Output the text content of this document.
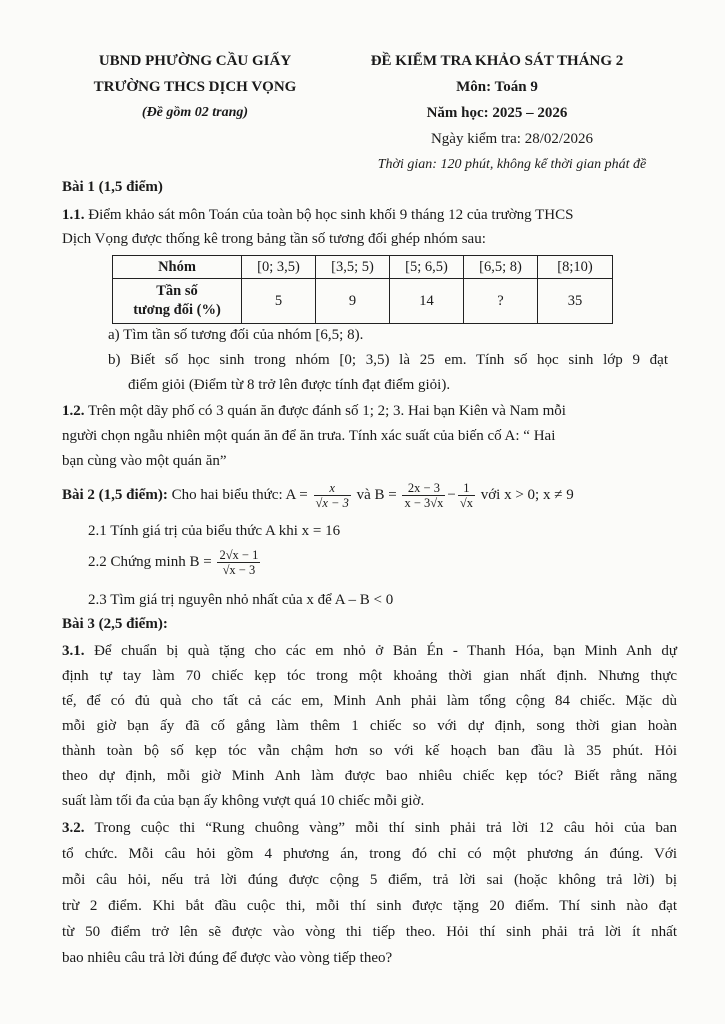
UBND PHƯỜNG CẦU GIẤY
TRƯỜNG THCS DỊCH VỌNG
(Đề gồm 02 trang)
ĐỀ KIỂM TRA KHẢO SÁT THÁNG 2
Môn: Toán 9
Năm học: 2025 – 2026
Ngày kiểm tra: 28/02/2026
Thời gian: 120 phút, không kể thời gian phát đề
Bài 1 (1,5 điểm)
1.1. Điểm khảo sát môn Toán của toàn bộ học sinh khối 9 tháng 12 của trường THCS
Dịch Vọng được thống kê trong bảng tần số tương đối ghép nhóm sau:
Nhóm	[0; 3,5)	[3,5; 5)	[5; 6,5)	[6,5; 8)	[8;10)

Tần số
tương đối (%)	5	9	14	?	35
a) Tìm tần số tương đối của nhóm [6,5; 8).
b) Biết số học sinh trong nhóm [0; 3,5) là 25 em. Tính số học sinh lớp 9 đạt
điểm giỏi (Điểm từ 8 trở lên được tính đạt điểm giỏi).
1.2. Trên một dãy phố có 3 quán ăn được đánh số 1; 2; 3. Hai bạn Kiên và Nam mỗi
người chọn ngẫu nhiên một quán ăn để ăn trưa. Tính xác suất của biến cố A: “ Hai
bạn cùng vào một quán ăn”
Bài 2 (1,5 điểm): Cho hai biểu thức: $A = \frac{x}{√x - 3}$ và $B = \frac{2x - 3}{x - 3√x} - \frac{1}{√x}$ với x > 0; x ≠ 9
2.1 Tính giá trị của biểu thức A khi x = 16
2.2 Chứng minh $B = \frac{2√x - 1}{√x - 3}$
2.3 Tìm giá trị nguyên nhỏ nhất của x để A – B < 0
Bài 3 (2,5 điểm):
3.1. Để chuẩn bị quà tặng cho các em nhỏ ở Bản Én - Thanh Hóa, bạn Minh Anh dự
định tự tay làm 70 chiếc kẹp tóc trong một khoảng thời gian nhất định. Nhưng thực
tế, để có đủ quà cho tất cả các em, Minh Anh phải làm tổng cộng 84 chiếc. Mặc dù
mỗi giờ bạn ấy đã cố gắng làm thêm 1 chiếc so với dự định, song thời gian hoàn
thành toàn bộ số kẹp tóc vẫn chậm hơn so với kế hoạch ban đầu là 35 phút. Hỏi
theo dự định, mỗi giờ Minh Anh làm được bao nhiêu chiếc kẹp tóc? Biết rằng năng
suất làm tối đa của bạn ấy không vượt quá 10 chiếc mỗi giờ.
3.2. Trong cuộc thi “Rung chuông vàng” mỗi thí sinh phải trả lời 12 câu hỏi của ban
tổ chức. Mỗi câu hỏi gồm 4 phương án, trong đó chỉ có một phương án đúng. Với
mỗi câu hỏi, nếu trả lời đúng được cộng 5 điểm, trả lời sai (hoặc không trả lời) bị
trừ 2 điểm. Khi bắt đầu cuộc thi, mỗi thí sinh được tặng 20 điểm. Thí sinh nào đạt
từ 50 điểm trở lên sẽ được vào vòng thi tiếp theo. Hỏi thí sinh phải trả lời ít nhất
bao nhiêu câu trả lời đúng để được vào vòng tiếp theo?
